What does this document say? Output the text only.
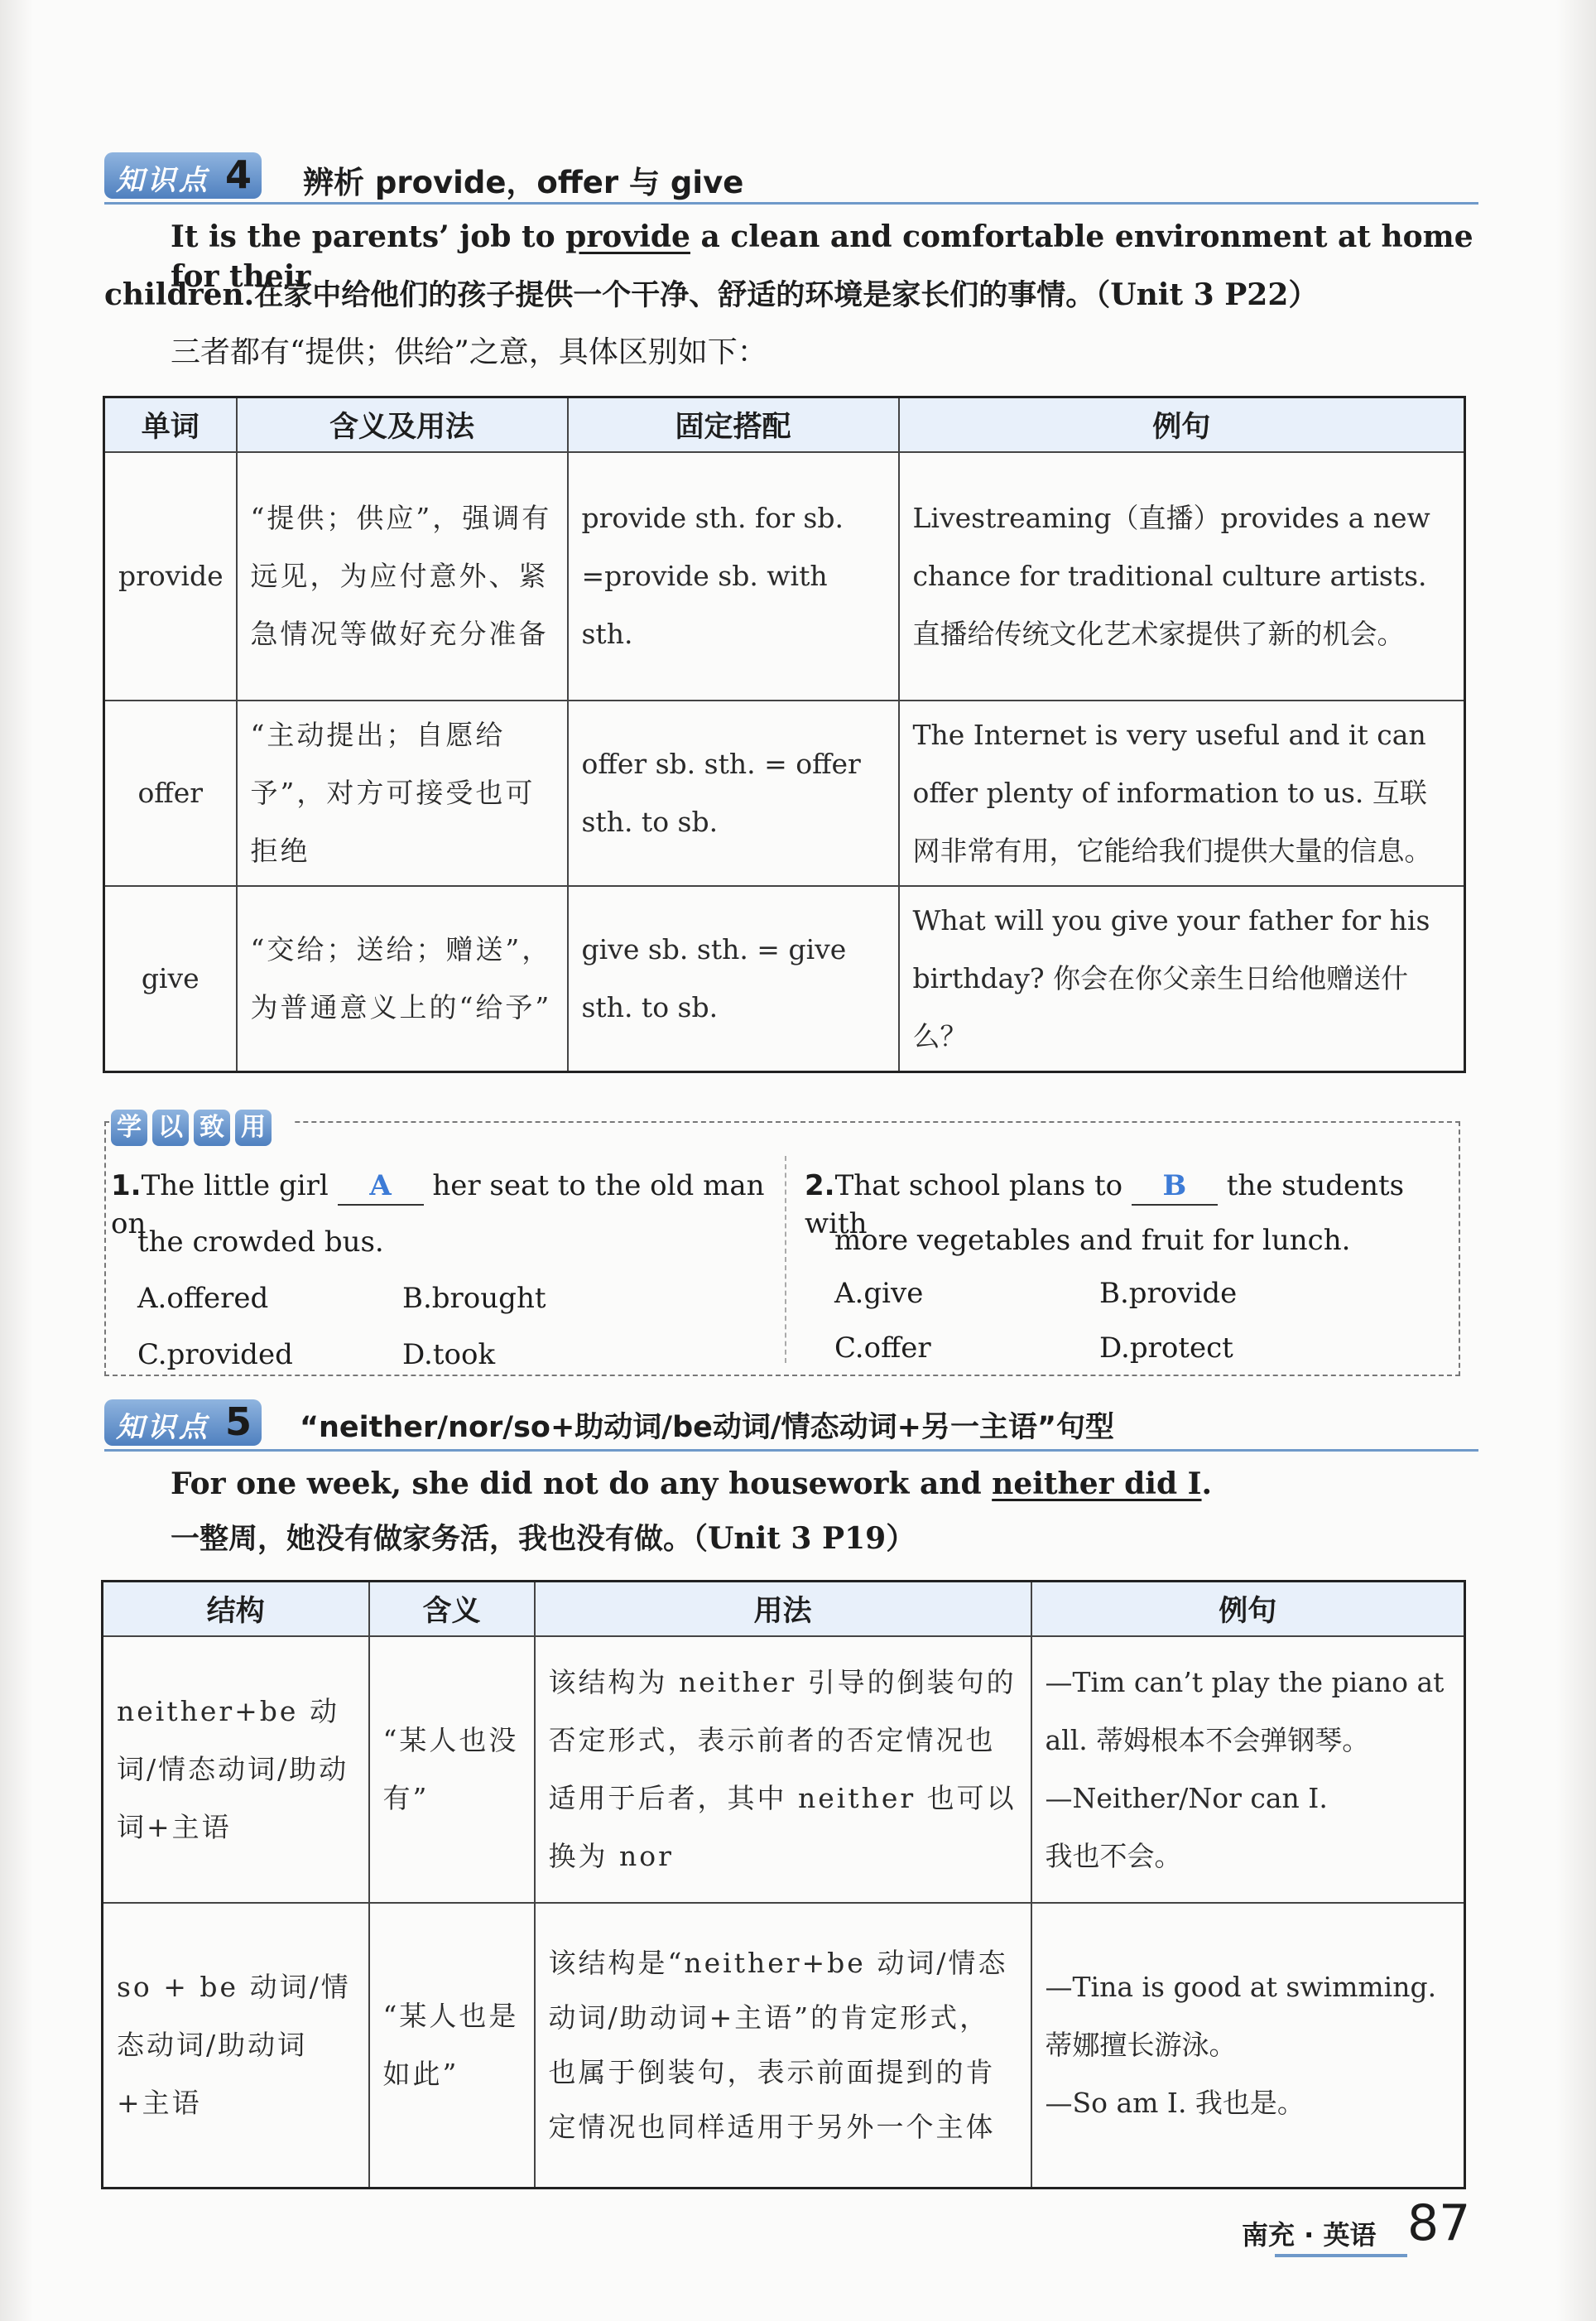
知识点 4 辨析 provide，offer 与 give
It is the parents’ job to provide a clean and comfortable environment at home for their
children.在家中给他们的孩子提供一个干净、舒适的环境是家长们的事情。（Unit 3 P22）
三者都有“提供；供给”之意，具体区别如下：
单词	含义及用法	固定搭配	例句
provide	“提供；供应”，强调有远见，为应付意外、紧急情况等做好充分准备	provide sth. for sb. =provide sb. with sth.	Livestreaming（直播）provides a new chance for traditional culture artists. 直播给传统文化艺术家提供了新的机会。
offer	“主动提出；自愿给予”，对方可接受也可拒绝	offer sb. sth. = offer sth. to sb.	The Internet is very useful and it can offer plenty of information to us. 互联网非常有用，它能给我们提供大量的信息。
give	“交给；送给；赠送”，为普通意义上的“给予”	give sb. sth. = give sth. to sb.	What will you give your father for his birthday? 你会在你父亲生日给他赠送什么？
学 以 致 用
1.The little girl A her seat to the old man on
the crowded bus.
A.offered	B.brought
C.provided	D.took
2.That school plans to B the students with
more vegetables and fruit for lunch.
A.give	B.provide
C.offer	D.protect
知识点 5 “neither/nor/so+助动词/be动词/情态动词+另一主语”句型
For one week, she did not do any housework and neither did I.
一整周，她没有做家务活，我也没有做。（Unit 3 P19）
结构	含义	用法	例句
neither+be 动词/情态动词/助动词+主语	“某人也没有”	该结构为 neither 引导的倒装句的否定形式，表示前者的否定情况也适用于后者，其中 neither 也可以换为 nor	—Tim can’t play the piano at all. 蒂姆根本不会弹钢琴。
—Neither/Nor can I.
我也不会。

so + be 动词/情态动词/助动词+主语	“某人也是如此”	该结构是“neither+be 动词/情态动词/助动词+主语”的肯定形式，也属于倒装句，表示前面提到的肯定情况也同样适用于另外一个主体	—Tina is good at swimming.
蒂娜擅长游泳。
—So am I. 我也是。
南充 · 英语 87
